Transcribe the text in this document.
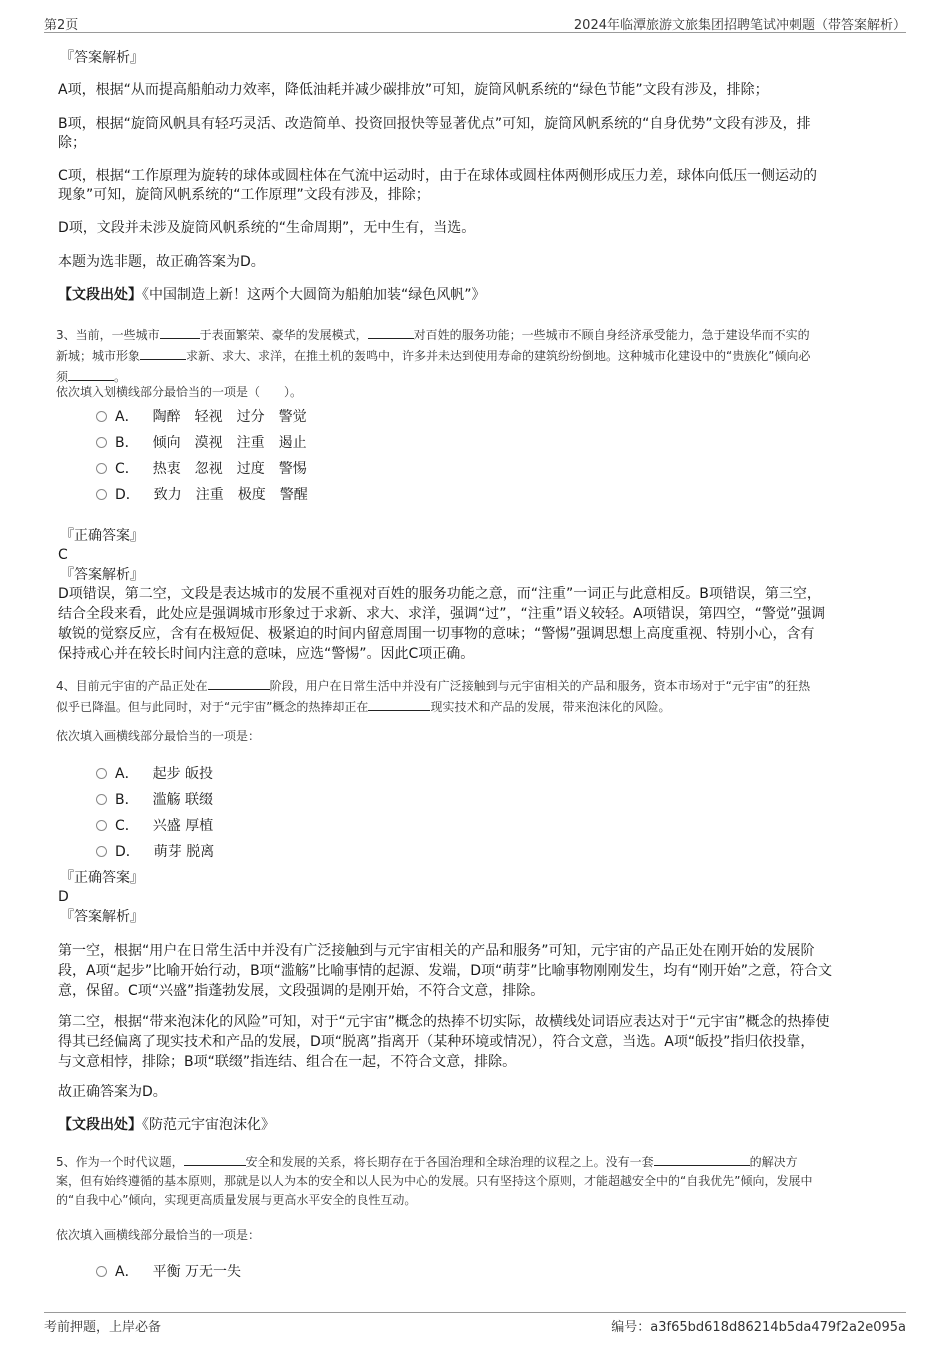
第2页	2024年临潭旅游文旅集团招聘笔试冲刺题（带答案解析）
『答案解析』
A项，根据“从而提高船舶动力效率，降低油耗并减少碳排放”可知，旋筒风帆系统的“绿色节能”文段有涉及，排除；
B项，根据“旋筒风帆具有轻巧灵活、改造简单、投资回报快等显著优点”可知，旋筒风帆系统的“自身优势”文段有涉及，排
除；
C项，根据“工作原理为旋转的球体或圆柱体在气流中运动时，由于在球体或圆柱体两侧形成压力差，球体向低压一侧运动的
现象”可知，旋筒风帆系统的“工作原理”文段有涉及，排除；
D项，文段并未涉及旋筒风帆系统的“生命周期”，无中生有，当选。
本题为选非题，故正确答案为D。
【文段出处】《中国制造上新！这两个大圆筒为船舶加装“绿色风帆”》

3、当前，一些城市	于表面繁荣、豪华的发展模式，	对百姓的服务功能；一些城市不顾自身经济承受能力，急于建设华而不实的

新城；城市形象	求新、求大、求洋，在推土机的轰鸣中，许多并未达到使用寿命的建筑纷纷倒地。这种城市化建设中的“贵族化”倾向必

须	。

依次填入划横线部分最恰当的一项是（　　）。
A． 陶醉　轻视　过分　警觉
B． 倾向　漠视　注重　遏止
C． 热衷　忽视　过度　警惕
D． 致力　注重　极度　警醒
『正确答案』
C
『答案解析』

D项错误，第二空，文段是表达城市的发展不重视对百姓的服务功能之意，而“注重”一词正与此意相反。B项错误，第三空，

结合全段来看，此处应是强调城市形象过于求新、求大、求洋，强调“过”，“注重”语义较轻。A项错误，第四空，“警觉”强调

敏锐的觉察反应，含有在极短促、极紧迫的时间内留意周围一切事物的意味；“警惕”强调思想上高度重视、特别小心，含有

保持戒心并在较长时间内注意的意味，应选“警惕”。因此C项正确。

4、目前元宇宙的产品正处在	阶段，用户在日常生活中并没有广泛接触到与元宇宙相关的产品和服务，资本市场对于“元宇宙”的狂热

似乎已降温。但与此同时，对于“元宇宙”概念的热捧却正在	现实技术和产品的发展，带来泡沫化的风险。

依次填入画横线部分最恰当的一项是：
A． 起步 皈投
B． 滥觞 联缀
C． 兴盛 厚植
D． 萌芽 脱离
『正确答案』
D
『答案解析』

第一空，根据“用户在日常生活中并没有广泛接触到与元宇宙相关的产品和服务”可知，元宇宙的产品正处在刚开始的发展阶

段，A项“起步”比喻开始行动，B项“滥觞”比喻事情的起源、发端，D项“萌芽”比喻事物刚刚发生，均有“刚开始”之意，符合文

意，保留。C项“兴盛”指蓬勃发展，文段强调的是刚开始，不符合文意，排除。

第二空，根据“带来泡沫化的风险”可知，对于“元宇宙”概念的热捧不切实际，故横线处词语应表达对于“元宇宙”概念的热捧使

得其已经偏离了现实技术和产品的发展，D项“脱离”指离开（某种环境或情况），符合文意，当选。A项“皈投”指归依投靠，

与文意相悖，排除；B项“联缀”指连结、组合在一起，不符合文意，排除。

故正确答案为D。
【文段出处】《防范元宇宙泡沫化》

5、作为一个时代议题，	安全和发展的关系，将长期存在于各国治理和全球治理的议程之上。没有一套	的解决方

案，但有始终遵循的基本原则，那就是以人为本的安全和以人民为中心的发展。只有坚持这个原则，才能超越安全中的“自我优先”倾向，发展中

的“自我中心”倾向，实现更高质量发展与更高水平安全的良性互动。

依次填入画横线部分最恰当的一项是：
A． 平衡 万无一失
考前押题，上岸必备	编号：a3f65bd618d86214b5da479f2a2e095a
